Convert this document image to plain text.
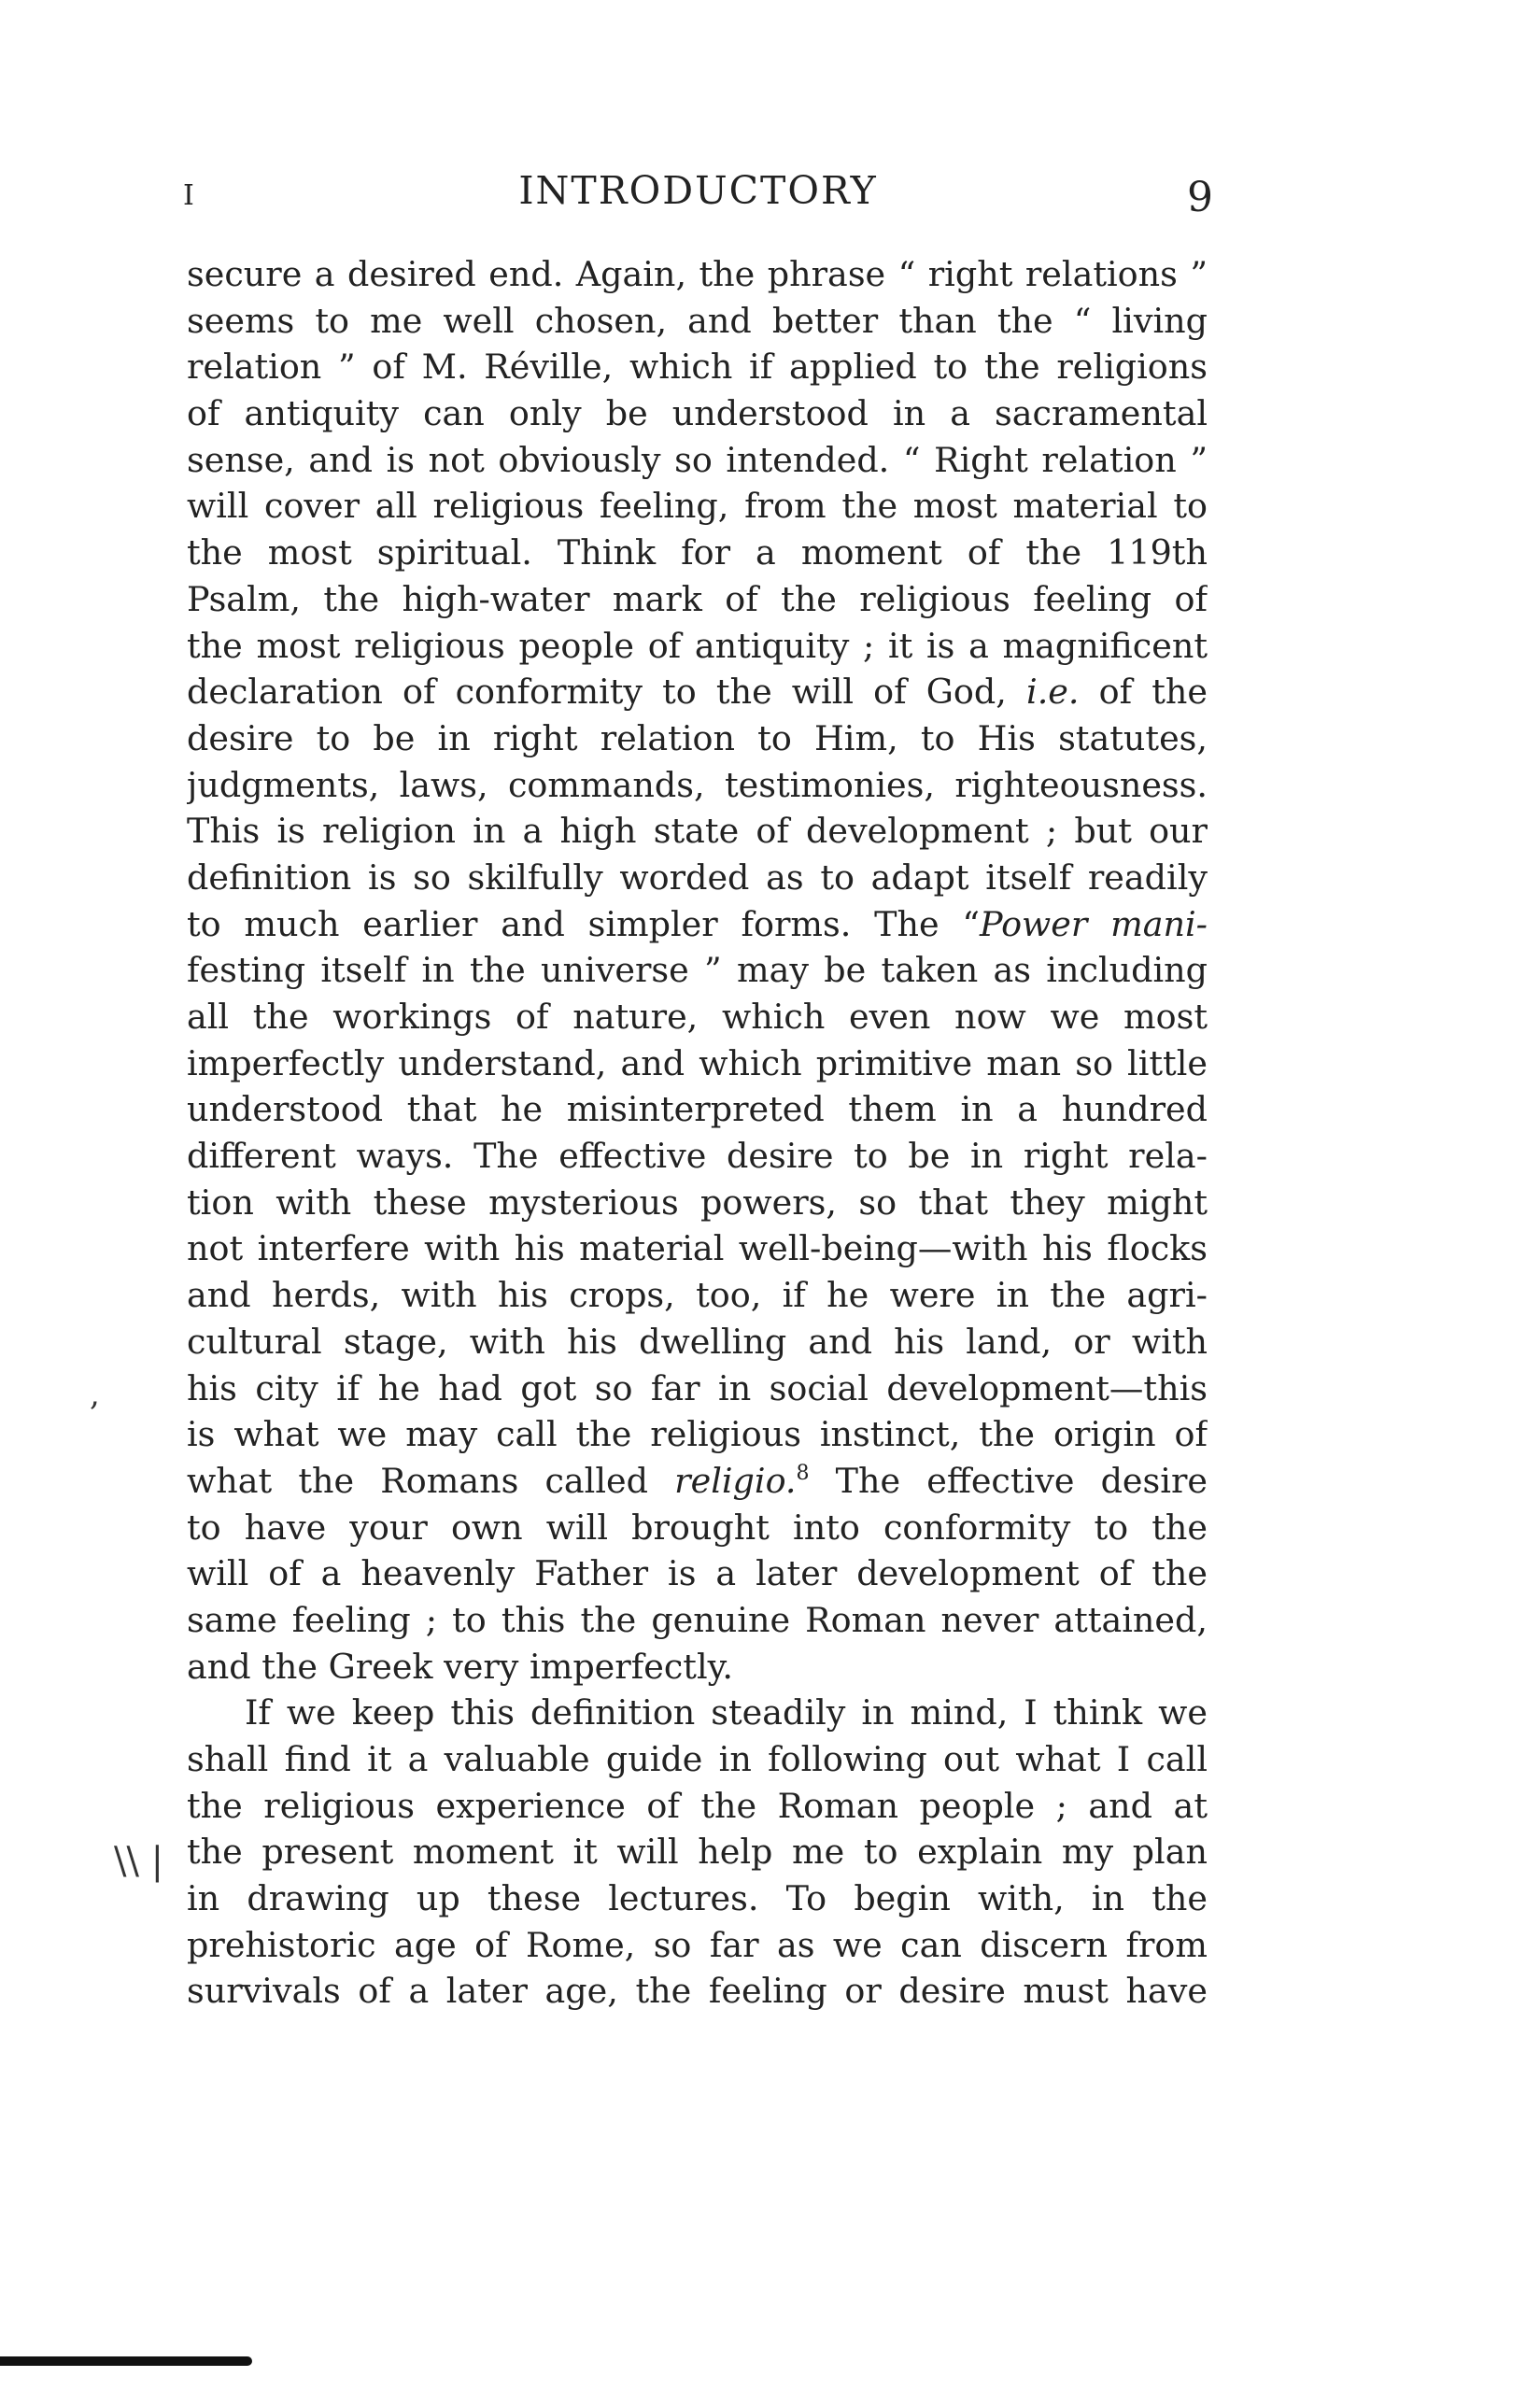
I	INTRODUCTORY	9
secure a desired end. Again, the phrase “ right relations ”
seems to me well chosen, and better than the “ living
relation ” of M. Réville, which if applied to the religions
of antiquity can only be understood in a sacramental
sense, and is not obviously so intended. “ Right relation ”
will cover all religious feeling, from the most material to
the most spiritual. Think for a moment of the 119th
Psalm, the high-water mark of the religious feeling of
the most religious people of antiquity ; it is a magnificent
declaration of conformity to the will of God, i.e. of the
desire to be in right relation to Him, to His statutes,
judgments, laws, commands, testimonies, righteousness.
This is religion in a high state of development ; but our
definition is so skilfully worded as to adapt itself readily
to much earlier and simpler forms. The “Power mani-
festing itself in the universe ” may be taken as including
all the workings of nature, which even now we most
imperfectly understand, and which primitive man so little
understood that he misinterpreted them in a hundred
different ways. The effective desire to be in right rela-
tion with these mysterious powers, so that they might
not interfere with his material well-being—with his flocks
and herds, with his crops, too, if he were in the agri-
cultural stage, with his dwelling and his land, or with
his city if he had got so far in social development—this
is what we may call the religious instinct, the origin of
what the Romans called religio.$^8$ The effective desire
to have your own will brought into conformity to the
will of a heavenly Father is a later development of the
same feeling ; to this the genuine Roman never attained,
and the Greek very imperfectly.
If we keep this definition steadily in mind, I think we
shall find it a valuable guide in following out what I call
the religious experience of the Roman people ; and at
the present moment it will help me to explain my plan
in drawing up these lectures. To begin with, in the
prehistoric age of Rome, so far as we can discern from
survivals of a later age, the feeling or desire must have
,
\\ |
